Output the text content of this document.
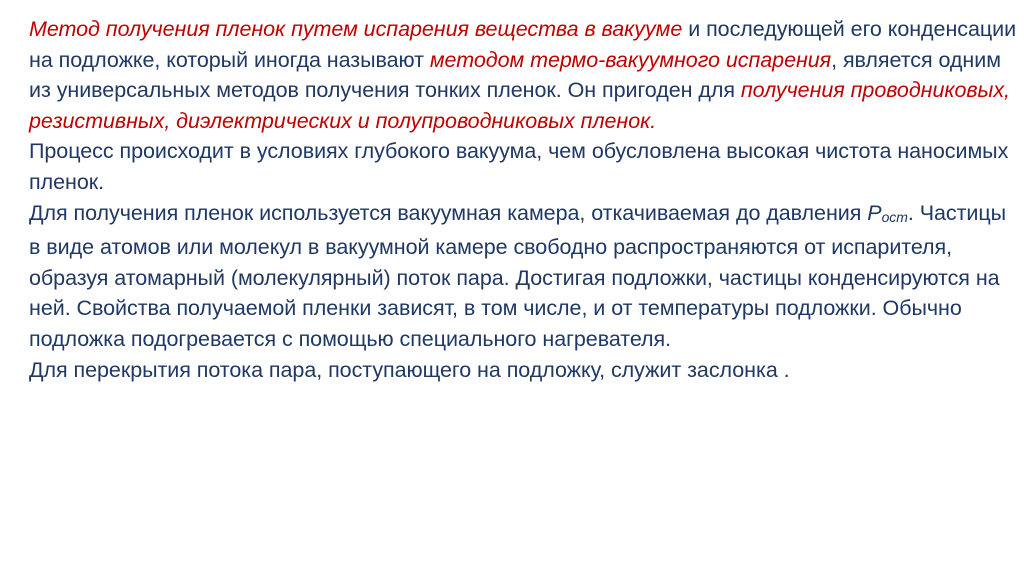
Метод получения пленок путем испарения вещества в вакууме и последующей его конденсации на подложке, который иногда называют методом термо-вакуумного испарения, является одним из универсальных методов получения тонких пленок. Он пригоден для получения проводниковых, резистивных, диэлектрических и полупроводниковых пленок.

Процесс происходит в условиях глубокого вакуума, чем обусловлена высокая чистота наносимых пленок.

Для получения пленок используется вакуумная камера, откачиваемая до давления Pост. Частицы в виде атомов или молекул в вакуумной камере свободно распространяются от испарителя, образуя атомарный (молекулярный) поток пара. Достигая подложки, частицы конденсируются на ней. Свойства получаемой пленки зависят, в том числе, и от температуры подложки. Обычно подложка подогревается с помощью специального нагревателя.

Для перекрытия потока пара, поступающего на подложку, служит заслонка .
